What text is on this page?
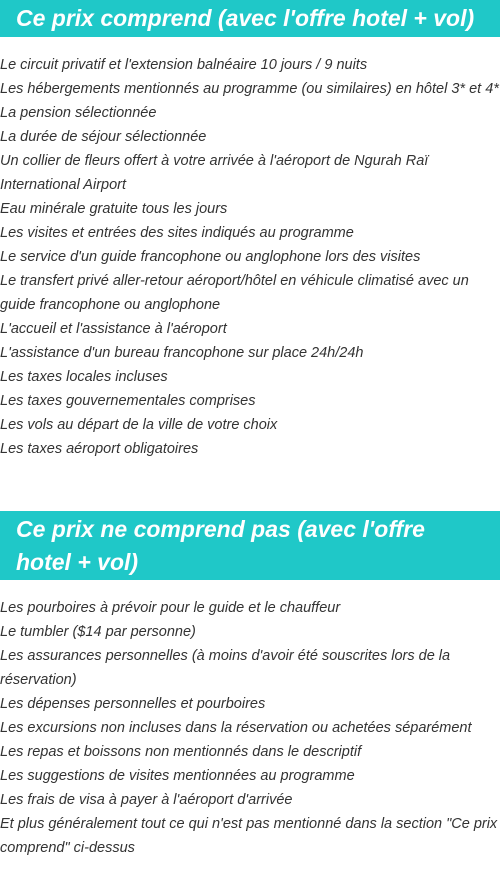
Ce prix comprend (avec l'offre hotel + vol)
Le circuit privatif et l'extension balnéaire 10 jours / 9 nuits
Les hébergements mentionnés au programme (ou similaires) en hôtel 3* et 4*
La pension sélectionnée
La durée de séjour sélectionnée
Un collier de fleurs offert à votre arrivée à l'aéroport de Ngurah Raï International Airport
Eau minérale gratuite tous les jours
Les visites et entrées des sites indiqués au programme
Le service d'un guide francophone ou anglophone lors des visites
Le transfert privé aller-retour aéroport/hôtel en véhicule climatisé avec un guide francophone ou anglophone
L'accueil et l'assistance à l'aéroport
L'assistance d'un bureau francophone sur place 24h/24h
Les taxes locales incluses
Les taxes gouvernementales comprises
Les vols au départ de la ville de votre choix
Les taxes aéroport obligatoires
Ce prix ne comprend pas (avec l'offre hotel + vol)
Les pourboires à prévoir pour le guide et le chauffeur
Le tumbler ($14 par personne)
Les assurances personnelles (à moins d'avoir été souscrites lors de la réservation)
Les dépenses personnelles et pourboires
Les excursions non incluses dans la réservation ou achetées séparément
Les repas et boissons non mentionnés dans le descriptif
Les suggestions de visites mentionnées au programme
Les frais de visa à payer à l'aéroport d'arrivée
Et plus généralement tout ce qui n'est pas mentionné dans la section "Ce prix comprend" ci-dessus
